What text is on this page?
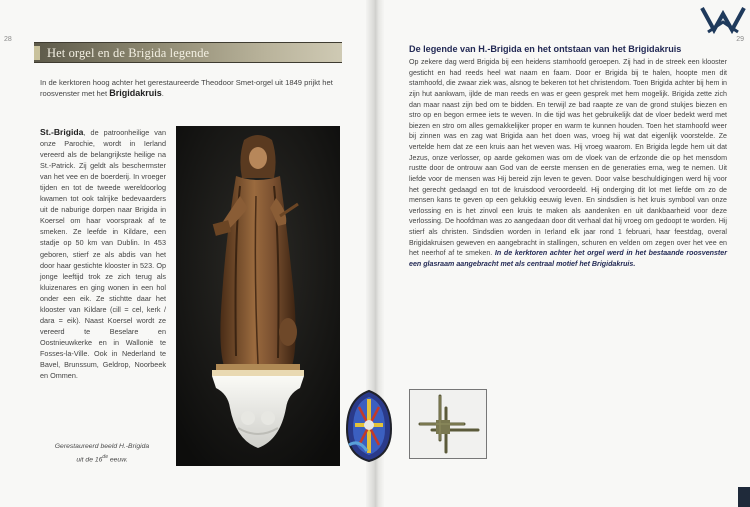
28
Het orgel en de Brigida legende

In de kerktoren hoog achter het gerestaureerde Theodoor Smet-orgel uit 1849 prijkt het roosvenster met het Brigidakruis.

St.-Brigida, de patroonheilige van onze Parochie, wordt in Ierland vereerd als de belangrijkste heilige na St.-Patrick. Zij geldt als beschermster van het vee en de boerderij. In vroeger tijden en tot de tweede wereldoorlog kwamen tot ook talrijke bedevaarders uit de naburige dorpen naar Brigida in Koersel om haar voorspraak af te smeken. Ze leefde in Kildare, een stadje op 50 km van Dublin. In 453 geboren, stierf ze als abdis van het door haar gestichte klooster in 523. Op jonge leeftijd trok ze zich terug als kluizenares en ging wonen in een hol onder een eik. Ze stichtte daar het klooster van Kildare (cill = cel, kerk / dara = eik). Naast Koersel wordt ze vereerd te Beselare en Oostnieuwkerke en in Wallonië te Fosses-la-Ville. Ook in Nederland te Bavel, Brunssum, Geldrop, Noorbeek en Ommen.

Gerestaureerd beeld H.-Brigida
uit de 16de eeuw.
29
De legende van H.-Brigida en het ontstaan van het Brigidakruis

Op zekere dag werd Brigida bij een heidens stamhoofd geroepen. Zij had in de streek een klooster gesticht en had reeds heel wat naam en faam. Door er Brigida bij te halen, hoopte men dit stamhoofd, die zwaar ziek was, alsnog te bekeren tot het christendom. Toen Brigida achter bij hem in zijn hut aankwam, ijlde de man reeds en was er geen gesprek met hem mogelijk. Brigida zette zich dan maar naast zijn bed om te bidden. En terwijl ze bad raapte ze van de grond stukjes biezen en stro op en begon ermee iets te weven. In die tijd was het gebruikelijk dat de vloer bedekt werd met biezen en stro om alles gemakkelijker proper en warm te kunnen houden. Toen het stamhoofd weer bij zinnen was en zag wat Brigida aan het doen was, vroeg hij wat dat eigenlijk voorstelde. Ze vertelde hem dat ze een kruis aan het weven was. Hij vroeg waarom. En Brigida legde hem uit dat Jezus, onze verlosser, op aarde gekomen was om de vloek van de erfzonde die op het mensdom rustte door de ontrouw aan God van de eerste mensen en de generaties erna, weg te nemen. Uit liefde voor de mensen was Hij bereid zijn leven te geven. Door valse beschuldigingen werd hij voor het gerecht gedaagd en tot de kruisdood veroordeeld. Hij onderging dit lot met liefde om zo de mensen kans te geven op een gelukkig eeuwig leven. En sindsdien is het kruis symbool van onze verlossing en is het zinvol een kruis te maken als aandenken en uit dankbaarheid voor deze verlossing. De hoofdman was zo aangedaan door dit verhaal dat hij vroeg om gedoopt te worden. Hij stierf als christen. Sindsdien worden in Ierland elk jaar rond 1 februari, haar feestdag, overal Brigidakruisen geweven en aangebracht in stallingen, schuren en velden om zegen over het vee en het neerhof af te smeken. In de kerktoren achter het orgel werd in het bestaande roosvenster een glasraam aangebracht met als centraal motief het Brigidakruis.
